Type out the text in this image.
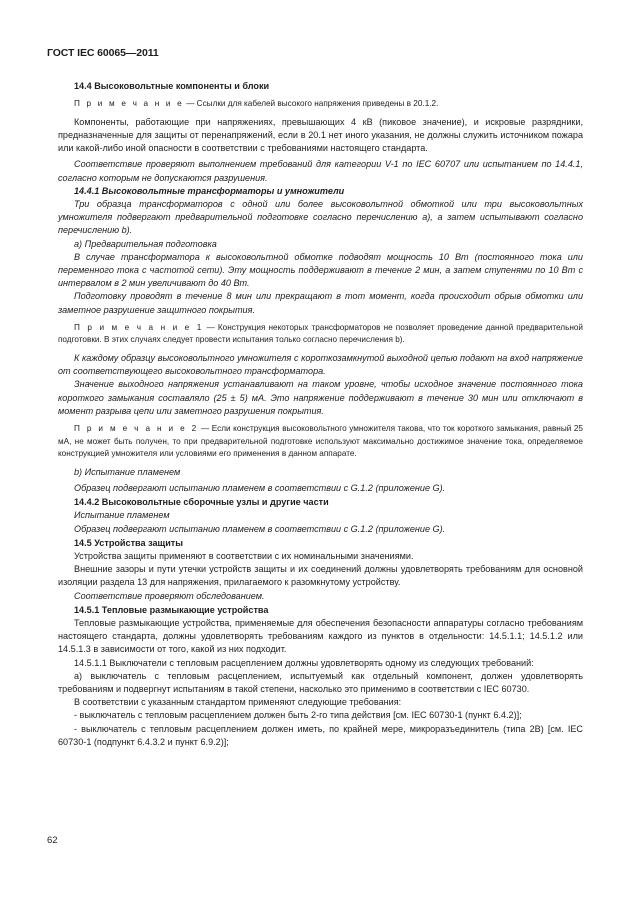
ГОСТ IEC 60065—2011

14.4 Высоковольтные компоненты и блоки

П р и м е ч а н и е — Ссылки для кабелей высокого напряжения приведены в 20.1.2.

Компоненты, работающие при напряжениях, превышающих 4 кВ (пиковое значение), и искровые разрядники, предназначенные для защиты от перенапряжений, если в 20.1 нет иного указания, не должны служить источником пожара или какой-либо иной опасности в соответствии с требованиями настоящего стандарта.

Соответствие проверяют выполнением требований для категории V-1 по IEC 60707 или испытанием по 14.4.1, согласно которым не допускаются разрушения.

14.4.1 Высоковольтные трансформаторы и умножители

Три образца трансформаторов с одной или более высоковольтной обмоткой или три высоковольтных умножителя подвергают предварительной подготовке согласно перечислению a), а затем испытывают согласно перечислению b).

a) Предварительная подготовка

В случае трансформатора к высоковольтной обмотке подводят мощность 10 Вт (постоянного тока или переменного тока с частотой сети). Эту мощность поддерживают в течение 2 мин, а затем ступенями по 10 Вт с интервалом в 2 мин увеличивают до 40 Вт.

Подготовку проводят в течение 8 мин или прекращают в тот момент, когда происходит обрыв обмотки или заметное разрушение защитного покрытия.

П р и м е ч а н и е 1 — Конструкция некоторых трансформаторов не позволяет проведение данной предварительной подготовки. В этих случаях следует провести испытания только согласно перечисления b).

К каждому образцу высоковольтного умножителя с короткозамкнутой выходной цепью подают на вход напряжение от соответствующего высоковольтного трансформатора.

Значение выходного напряжения устанавливают на таком уровне, чтобы исходное значение постоянного тока короткого замыкания составляло (25 ± 5) мА. Это напряжение поддерживают в течение 30 мин или отключают в момент разрыва цепи или заметного разрушения покрытия.

П р и м е ч а н и е 2 — Если конструкция высоковольтного умножителя такова, что ток короткого замыкания, равный 25 мА, не может быть получен, то при предварительной подготовке используют максимально достижимое значение тока, определяемое конструкцией умножителя или условиями его применения в данном аппарате.

b) Испытание пламенем

Образец подвергают испытанию пламенем в соответствии с G.1.2 (приложение G).

14.4.2 Высоковольтные сборочные узлы и другие части

Испытание пламенем

Образец подвергают испытанию пламенем в соответствии с G.1.2 (приложение G).

14.5 Устройства защиты

Устройства защиты применяют в соответствии с их номинальными значениями.

Внешние зазоры и пути утечки устройств защиты и их соединений должны удовлетворять требованиям для основной изоляции раздела 13 для напряжения, прилагаемого к разомкнутому устройству.

Соответствие проверяют обследованием.

14.5.1 Тепловые размыкающие устройства

Тепловые размыкающие устройства, применяемые для обеспечения безопасности аппаратуры согласно требованиям настоящего стандарта, должны удовлетворять требованиям каждого из пунктов в отдельности: 14.5.1.1; 14.5.1.2 или 14.5.1.3 в зависимости от того, какой из них подходит.

14.5.1.1 Выключатели с тепловым расцеплением должны удовлетворять одному из следующих требований:

а) выключатель с тепловым расцеплением, испытуемый как отдельный компонент, должен удовлетворять требованиям и подвергнут испытаниям в такой степени, насколько это применимо в соответствии с IEC 60730.

В соответствии с указанным стандартом применяют следующие требования:

- выключатель с тепловым расцеплением должен быть 2-го типа действия [см. IEC 60730-1 (пункт 6.4.2)];

- выключатель с тепловым расцеплением должен иметь, по крайней мере, микроразъединитель (типа 2В) [см. IEC 60730-1 (подпункт 6.4.3.2 и пункт 6.9.2)];

62
